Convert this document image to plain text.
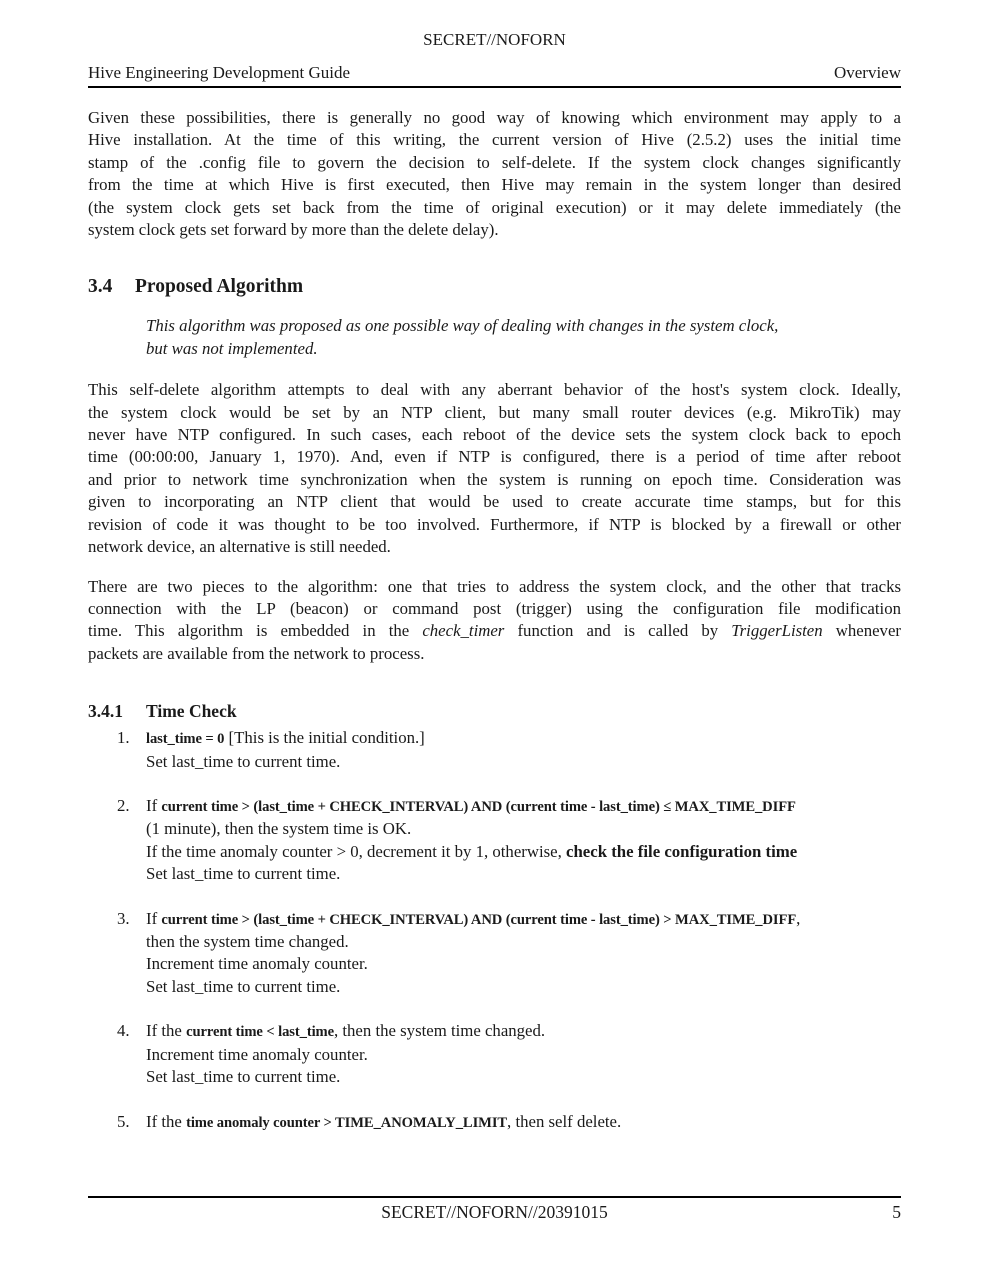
SECRET//NOFORN
Hive Engineering Development Guide	Overview
Given these possibilities, there is generally no good way of knowing which environment may apply to a
Hive installation. At the time of this writing, the current version of Hive (2.5.2) uses the initial time
stamp of the .config file to govern the decision to self-delete. If the system clock changes significantly
from the time at which Hive is first executed, then Hive may remain in the system longer than desired
(the system clock gets set back from the time of original execution) or it may delete immediately (the
system clock gets set forward by more than the delete delay).
3.4 Proposed Algorithm
This algorithm was proposed as one possible way of dealing with changes in the system clock,
but was not implemented.
This self-delete algorithm attempts to deal with any aberrant behavior of the host's system clock. Ideally,
the system clock would be set by an NTP client, but many small router devices (e.g. MikroTik) may
never have NTP configured. In such cases, each reboot of the device sets the system clock back to epoch
time (00:00:00, January 1, 1970). And, even if NTP is configured, there is a period of time after reboot
and prior to network time synchronization when the system is running on epoch time. Consideration was
given to incorporating an NTP client that would be used to create accurate time stamps, but for this
revision of code it was thought to be too involved. Furthermore, if NTP is blocked by a firewall or other
network device, an alternative is still needed.
There are two pieces to the algorithm: one that tries to address the system clock, and the other that tracks
connection with the LP (beacon) or command post (trigger) using the configuration file modification
time. This algorithm is embedded in the check_timer function and is called by TriggerListen whenever
packets are available from the network to process.
3.4.1 Time Check
1. last_time = 0 [This is the initial condition.]
Set last_time to current time.
2. If current time > (last_time + CHECK_INTERVAL) AND (current time - last_time) ≤ MAX_TIME_DIFF
(1 minute), then the system time is OK.
If the time anomaly counter > 0, decrement it by 1, otherwise, check the file configuration time
Set last_time to current time.
3. If current time > (last_time + CHECK_INTERVAL) AND (current time - last_time) > MAX_TIME_DIFF,
then the system time changed.
Increment time anomaly counter.
Set last_time to current time.
4. If the current time < last_time, then the system time changed.
Increment time anomaly counter.
Set last_time to current time.
5. If the time anomaly counter > TIME_ANOMALY_LIMIT, then self delete.
SECRET//NOFORN//20391015	5
